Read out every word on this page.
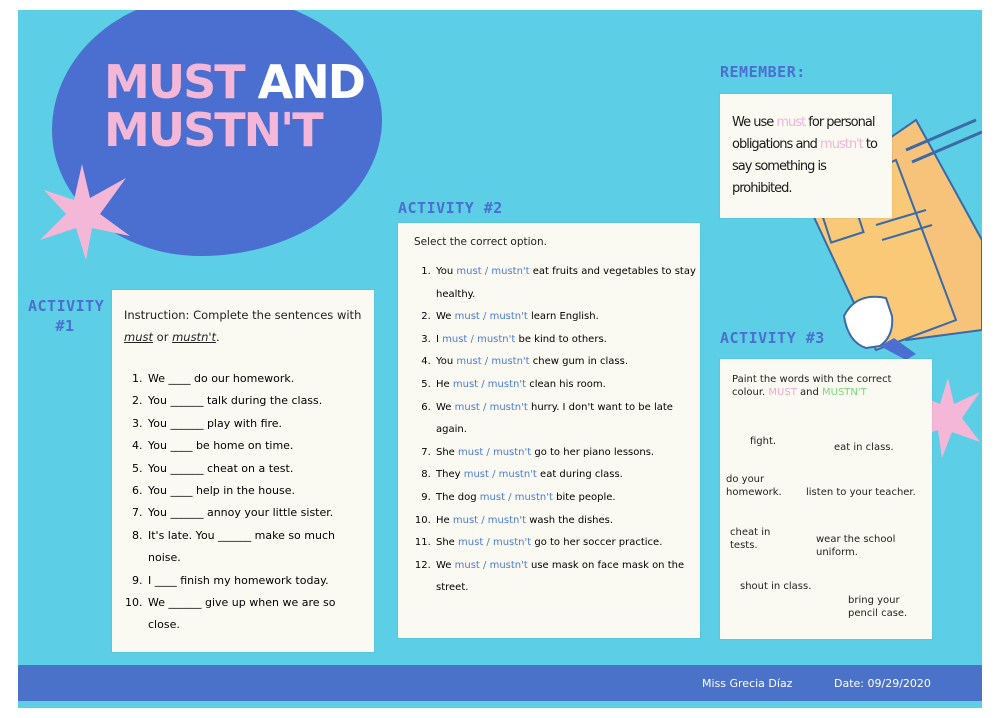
MUST AND
MUSTN'T
REMEMBER:
We use must for personal obligations and mustn't to say something is prohibited.
ACTIVITY
#1
Instruction: Complete the sentences with
must or mustn't.
1. We ____ do our homework.
2. You ______ talk during the class.
3. You ______ play with fire.
4. You ____ be home on time.
5. You ______ cheat on a test.
6. You ____ help in the house.
7. You ______ annoy your little sister.
8. It's late. You ______ make so much noise.
9. I ____ finish my homework today.
10. We ______ give up when we are so close.
ACTIVITY #2
Select the correct option.
1. You must / mustn't eat fruits and vegetables to stay healthy.
2. We must / mustn't learn English.
3. I must / mustn't be kind to others.
4. You must / mustn't chew gum in class.
5. He must / mustn't clean his room.
6. We must / mustn't hurry. I don't want to be late again.
7. She must / mustn't go to her piano lessons.
8. They must / mustn't eat during class.
9. The dog must / mustn't bite people.
10. He must / mustn't wash the dishes.
11. She must / mustn't go to her soccer practice.
12. We must / mustn't use mask on face mask on the street.
ACTIVITY #3
Paint the words with the correct colour. MUST and MUSTN'T
fight.
eat in class.
do your
homework. listen to your teacher.
cheat in
tests.
wear the school
uniform.
shout in class.
bring your
pencil case.
Miss Grecia Díaz	Date: 09/29/2020
